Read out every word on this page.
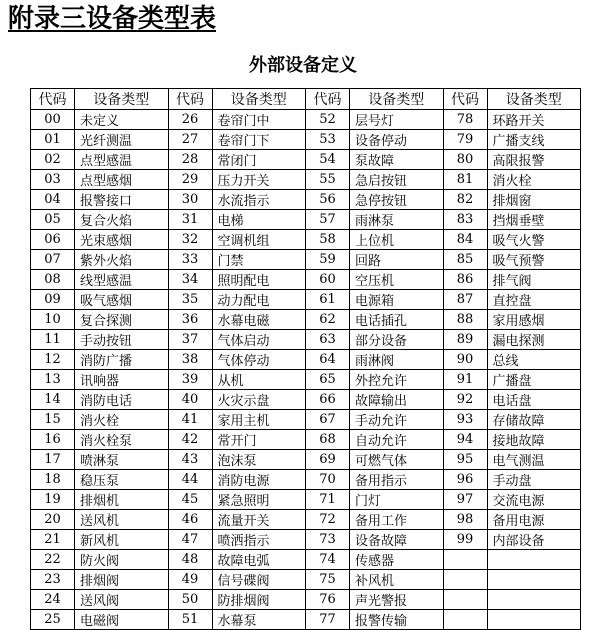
附录三设备类型表
外部设备定义
代码	设备类型	代码	设备类型	代码	设备类型	代码	设备类型
00	未定义	26	卷帘门中	52	层号灯	78	环路开关
01	光纤测温	27	卷帘门下	53	设备停动	79	广播支线
02	点型感温	28	常闭门	54	泵故障	80	高限报警
03	点型感烟	29	压力开关	55	急启按钮	81	消火栓
04	报警接口	30	水流指示	56	急停按钮	82	排烟窗
05	复合火焰	31	电梯	57	雨淋泵	83	挡烟垂壁
06	光束感烟	32	空调机组	58	上位机	84	吸气火警
07	紫外火焰	33	门禁	59	回路	85	吸气预警
08	线型感温	34	照明配电	60	空压机	86	排气阀
09	吸气感烟	35	动力配电	61	电源箱	87	直控盘
10	复合探测	36	水幕电磁	62	电话插孔	88	家用感烟
11	手动按钮	37	气体启动	63	部分设备	89	漏电探测
12	消防广播	38	气体停动	64	雨淋阀	90	总线
13	讯响器	39	从机	65	外控允许	91	广播盘
14	消防电话	40	火灾示盘	66	故障输出	92	电话盘
15	消火栓	41	家用主机	67	手动允许	93	存储故障
16	消火栓泵	42	常开门	68	自动允许	94	接地故障
17	喷淋泵	43	泡沫泵	69	可燃气体	95	电气测温
18	稳压泵	44	消防电源	70	备用指示	96	手动盘
19	排烟机	45	紧急照明	71	门灯	97	交流电源
20	送风机	46	流量开关	72	备用工作	98	备用电源
21	新风机	47	喷洒指示	73	设备故障	99	内部设备
22	防火阀	48	故障电弧	74	传感器		
23	排烟阀	49	信号碟阀	75	补风机		
24	送风阀	50	防排烟阀	76	声光警报		
25	电磁阀	51	水幕泵	77	报警传输		
